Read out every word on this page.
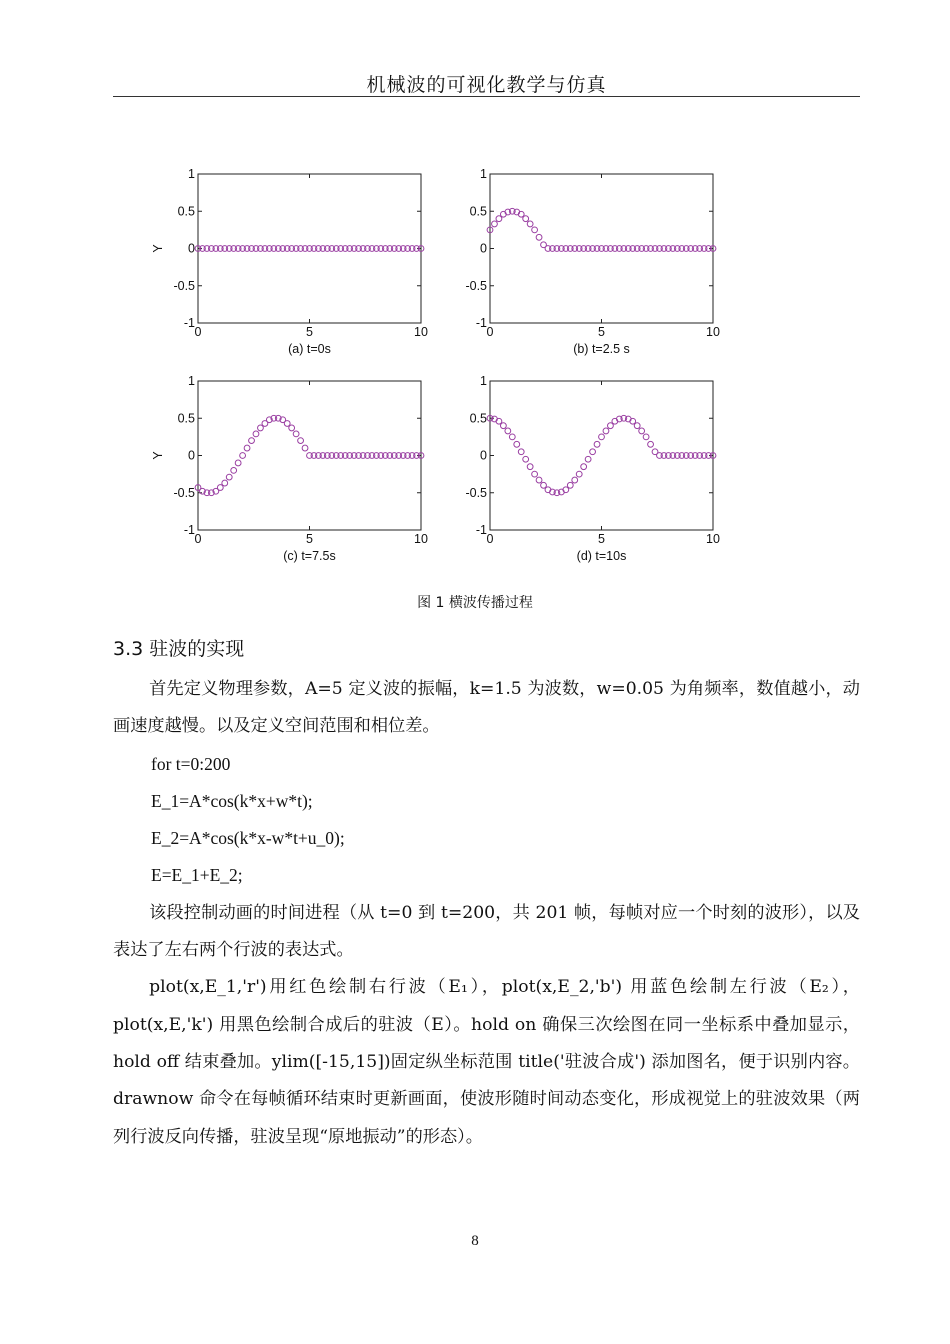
机械波的可视化教学与仿真
1
0.5
0
-0.5
-1
0	5	10
(a) t=0s
Y
1
0.5
0
-0.5
-1
0	5	10
(b) t=2.5 s
1
0.5
0
-0.5
-1
0	5	10
(c) t=7.5s
Y
1
0.5
0
-0.5
-1
0	5	10
(d) t=10s
图 1 横波传播过程
3.3 驻波的实现

首先定义物理参数，A=5 定义波的振幅，k=1.5 为波数，w=0.05 为角频率，数值越小，动画速度越慢。以及定义空间范围和相位差。

for t=0:200

E_1=A*cos(k*x+w*t);

E_2=A*cos(k*x-w*t+u_0);

E=E_1+E_2;

该段控制动画的时间进程（从 t=0 到 t=200，共 201 帧，每帧对应一个时刻的波形），以及表达了左右两个行波的表达式。

plot(x,E_1,'r')用红色绘制右行波（E₁），plot(x,E_2,'b') 用蓝色绘制左行波（E₂），plot(x,E,'k') 用黑色绘制合成后的驻波（E）。hold on 确保三次绘图在同一坐标系中叠加显示，hold off 结束叠加。ylim([-15,15])固定纵坐标范围 title('驻波合成') 添加图名，便于识别内容。drawnow 命令在每帧循环结束时更新画面，使波形随时间动态变化，形成视觉上的驻波效果（两列行波反向传播，驻波呈现“原地振动”的形态）。

8
